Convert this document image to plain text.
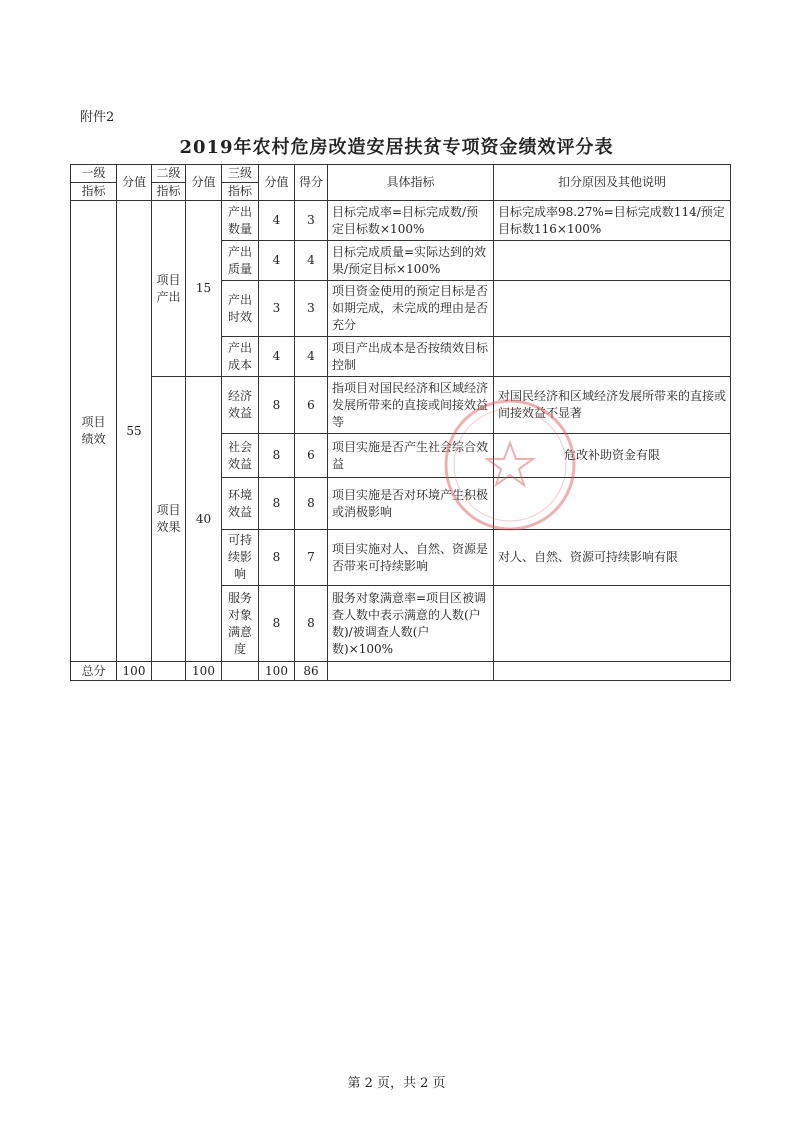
附件2
2019年农村危房改造安居扶贫专项资金绩效评分表
一级	分值	二级	分值	三级	分值	得分	具体指标	扣分原因及其他说明
指标		指标		指标				
项目绩效	55	项目产出	15	产出数量	4	3	目标完成率=目标完成数/预定目标数×100%	目标完成率98.27%=目标完成数114/预定目标数116×100%
				产出质量	4	4	目标完成质量=实际达到的效果/预定目标×100%	
				产出时效	3	3	项目资金使用的预定目标是否如期完成，未完成的理由是否充分	
				产出成本	4	4	项目产出成本是否按绩效目标控制	
		项目效果	40	经济效益	8	6	指项目对国民经济和区域经济发展所带来的直接或间接效益等	对国民经济和区域经济发展所带来的直接或间接效益不显著
				社会效益	8	6	项目实施是否产生社会综合效益	危改补助资金有限
				环境效益	8	8	项目实施是否对环境产生积极或消极影响	
				可持续影响	8	7	项目实施对人、自然、资源是否带来可持续影响	对人、自然、资源可持续影响有限
				服务对象满意度	8	8	服务对象满意率=项目区被调查人数中表示满意的人数(户数)/被调查人数(户数)×100%	
总分	100		100		100	86		
第 2 页，共 2 页
